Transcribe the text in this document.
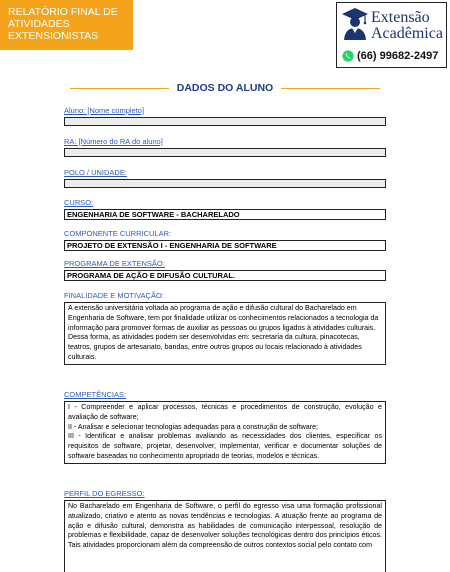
RELATÓRIO FINAL DE
ATIVIDADES
EXTENSIONISTAS
Extensão
Acadêmica
(66) 99682-2497
DADOS DO ALUNO
Aluno: [Nome completo]
RA: [Número do RA do aluno]
POLO / UNIDADE:
CURSO:
ENGENHARIA DE SOFTWARE - BACHARELADO
COMPONENTE CURRICULAR:
PROJETO DE EXTENSÃO I - ENGENHARIA DE SOFTWARE
PROGRAMA DE EXTENSÃO:
PROGRAMA DE AÇÃO E DIFUSÃO CULTURAL.
FINALIDADE E MOTIVAÇÃO:
A extensão universitária voltada ao programa de ação e difusão cultural do Bacharelado em Engenharia de Software, tem por finalidade utilizar os conhecimentos relacionados a tecnologia da informação para promover formas de auxiliar as pessoas ou grupos ligados à atividades culturais. Dessa forma, as atividades podem ser desenvolvidas em: secretaria da cultura, pinacotecas, teatros, grupos de artesanato, bandas, entre outros grupos ou locais relacionado à atividades culturais.
COMPETÊNCIAS:

I - Compreender e aplicar processos, técnicas e procedimentos de construção, evolução e avaliação de software;

II - Analisar e selecionar tecnologias adequadas para a construção de software;

III - Identificar e analisar problemas avaliando as necessidades dos clientes, especificar os requisitos de software, projetar, desenvolver, implementar, verificar e documentar soluções de software baseadas no conhecimento apropriado de teorias, modelos e técnicas.

PERFIL DO EGRESSO:
No Bacharelado em Engenharia de Software, o perfil do egresso visa uma formação profissional atualizado, criativo e atento as novas tendências e tecnologias. A atuação frente ao programa de ação e difusão cultural, demonstra as habilidades de comunicação interpessoal, resolução de problemas e flexibilidade, capaz de desenvolver soluções tecnológicas dentro dos princípios éticos. Tais atividades proporcionam além da compreensão de outros contextos social pelo contato com
